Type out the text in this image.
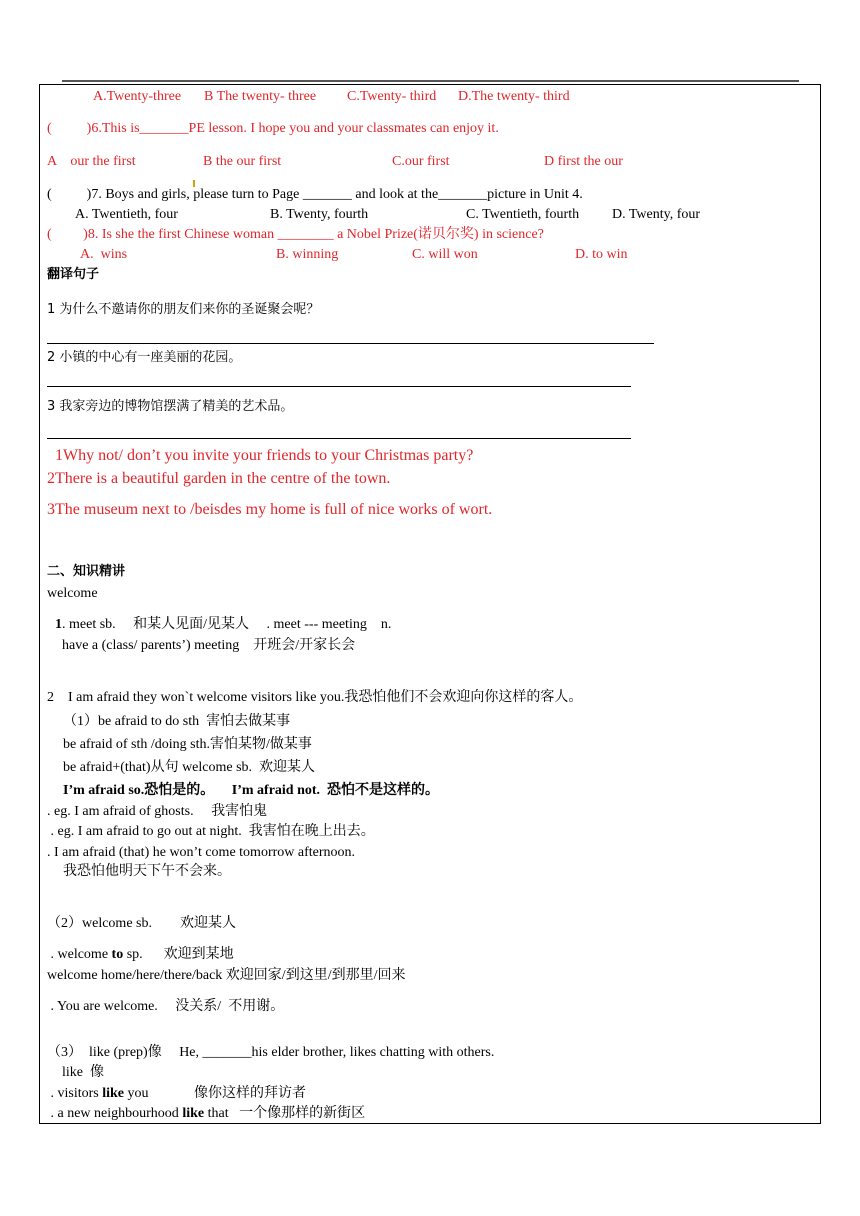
A.Twenty-three B The twenty- three C.Twenty- third D.The twenty- third
(          )6.This is_______PE lesson. I hope you and your classmates can enjoy it.
A    our the first	B the our first	C.our first	D first the our
(          )7. Boys and girls, please turn to Page _______ and look at the_______picture in Unit 4.
A. Twentieth, four	B. Twenty, fourth	C. Twentieth, fourth D. Twenty, four
(         )8. Is she the first Chinese woman ________ a Nobel Prize(诺贝尔奖) in science?
A.  wins	B. winning	C. will won	D. to win
翻译句子
1 为什么不邀请你的朋友们来你的圣诞聚会呢？
2 小镇的中心有一座美丽的花园。
3 我家旁边的博物馆摆满了精美的艺术品。
1Why not/ don’t you invite your friends to your Christmas party?
2There is a beautiful garden in the centre of the town.
3The museum next to /beisdes my home is full of nice works of wort.
二、知识精讲
welcome
1. meet sb.     和某人见面/见某人     . meet --- meeting    n.
have a (class/ parents’) meeting    开班会/开家长会
2    I am afraid they won`t welcome visitors like you.我恐怕他们不会欢迎向你这样的客人。
（1）be afraid to do sth  害怕去做某事
be afraid of sth /doing sth.害怕某物/做某事
be afraid+(that)从句 welcome sb.  欢迎某人
I’m afraid so.恐怕是的。     I’m afraid not.  恐怕不是这样的。
. eg. I am afraid of ghosts.     我害怕鬼
. eg. I am afraid to go out at night.  我害怕在晚上出去。
. I am afraid (that) he won’t come tomorrow afternoon.
我恐怕他明天下午不会来。
（2）welcome sb.        欢迎某人
. welcome to sp.      欢迎到某地
welcome home/here/there/back 欢迎回家/到这里/到那里/回来
. You are welcome.     没关系/  不用谢。
（3）  like (prep)像     He, _______his elder brother, likes chatting with others.
like  像
. visitors like you             像你这样的拜访者
. a new neighbourhood like that   一个像那样的新街区
